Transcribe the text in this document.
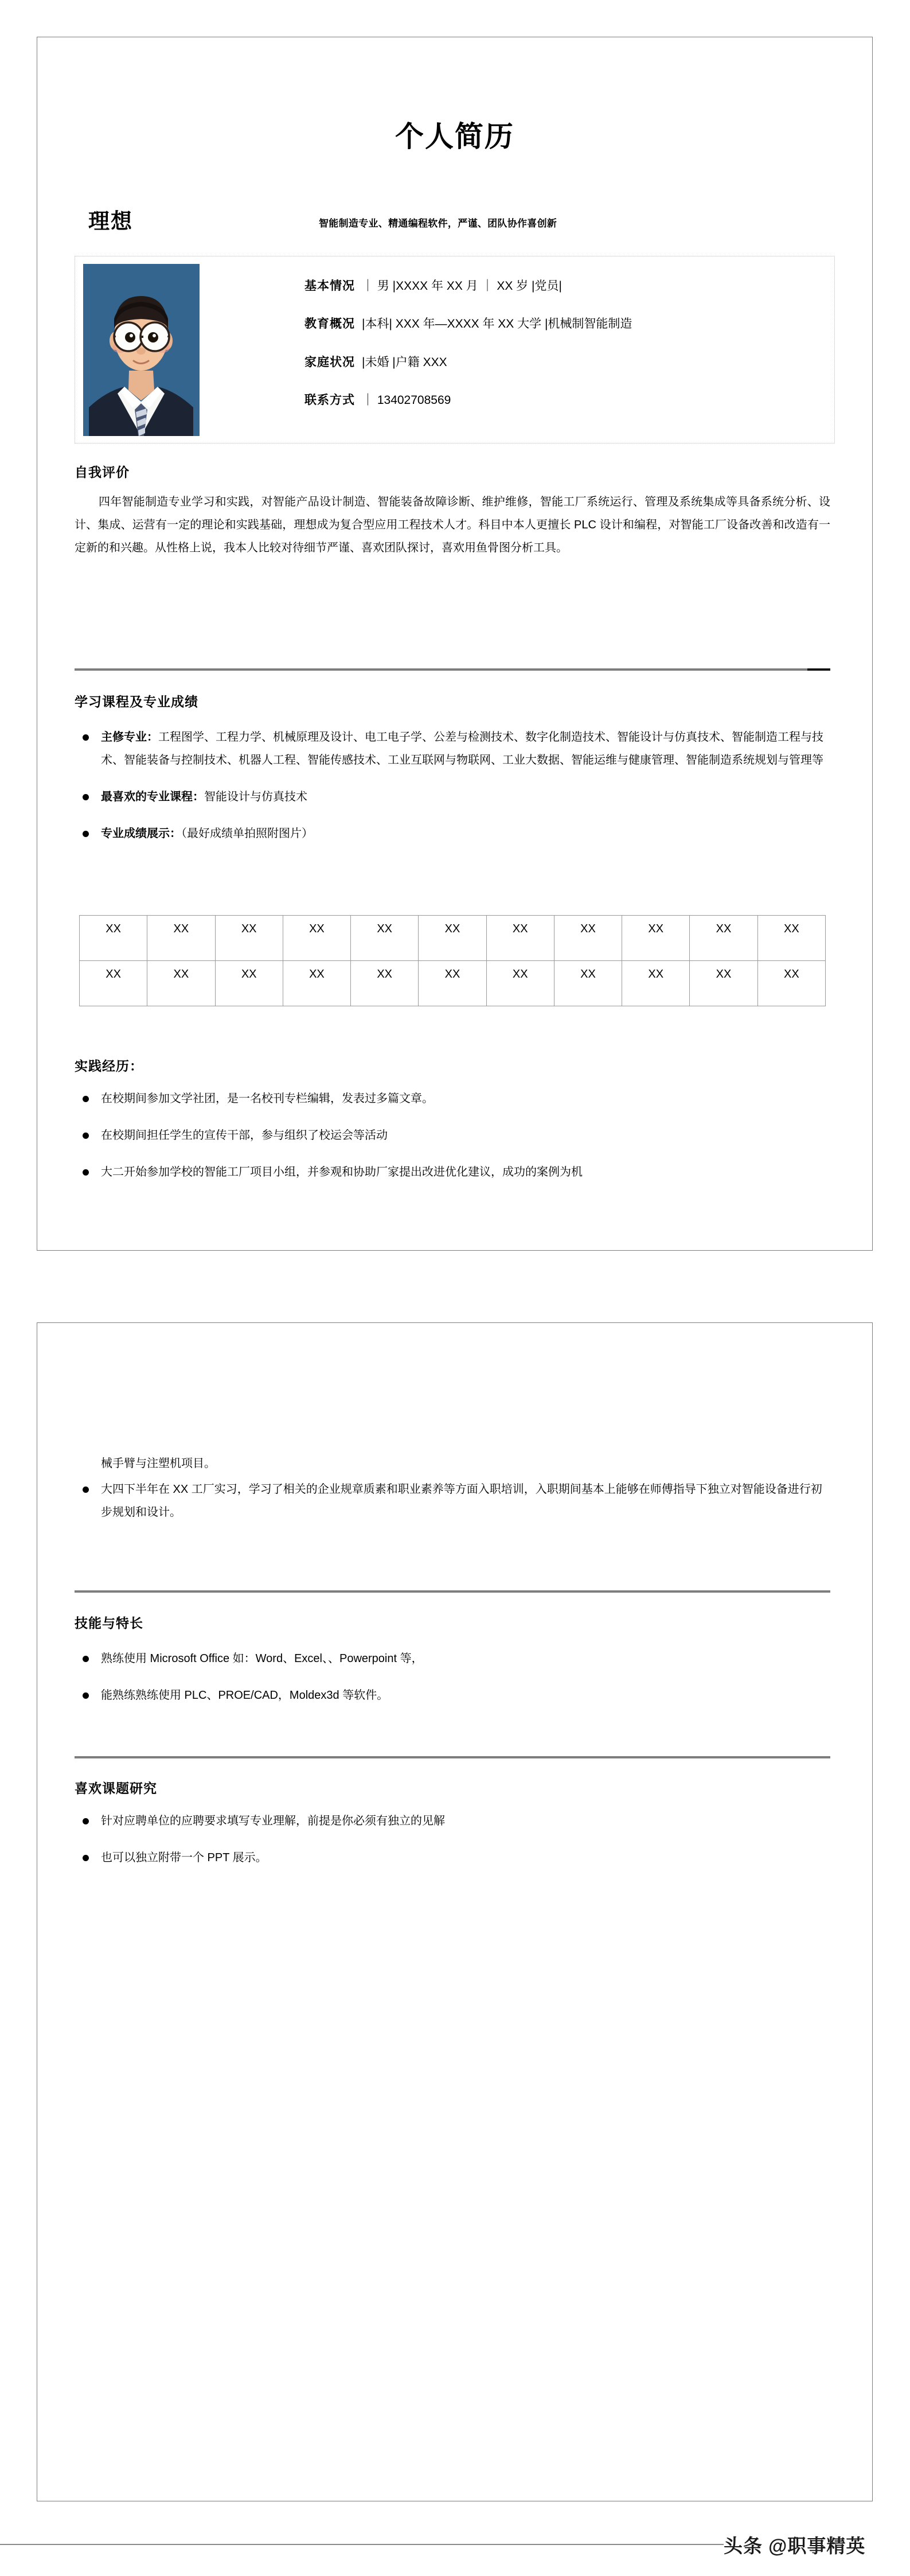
个人简历
理想	智能制造专业、精通编程软件，严谨、团队协作喜创新
基本情况 ｜ 男 |XXXX 年 XX 月 ｜ XX 岁 |党员|
教育概况 |本科| XXX 年—XXXX 年 XX 大学 |机械制智能制造
家庭状况 |未婚 |户籍 XXX
联系方式 ｜ 13402708569
自我评价
四年智能制造专业学习和实践，对智能产品设计制造、智能装备故障诊断、维护维修，智能工厂系统运行、管理及系统集成等具备系统分析、设计、集成、运营有一定的理论和实践基础，理想成为复合型应用工程技术人才。科目中本人更擅长 PLC 设计和编程，对智能工厂设备改善和改造有一定新的和兴趣。从性格上说，我本人比较对待细节严谨、喜欢团队探讨，喜欢用鱼骨图分析工具。
学习课程及专业成绩
主修专业：工程图学、工程力学、机械原理及设计、电工电子学、公差与检测技术、数字化制造技术、智能设计与仿真技术、智能制造工程与技术、智能装备与控制技术、机器人工程、智能传感技术、工业互联网与物联网、工业大数据、智能运维与健康管理、智能制造系统规划与管理等
最喜欢的专业课程：智能设计与仿真技术
专业成绩展示：（最好成绩单拍照附图片）
XX	XX	XX	XX	XX	XX	XX	XX	XX	XX	XX
XX	XX	XX	XX	XX	XX	XX	XX	XX	XX	XX
实践经历：
在校期间参加文学社团，是一名校刊专栏编辑，发表过多篇文章。
在校期间担任学生的宣传干部，参与组织了校运会等活动
大二开始参加学校的智能工厂项目小组，并参观和协助厂家提出改进优化建议，成功的案例为机
械手臂与注塑机项目。
大四下半年在 XX 工厂实习，学习了相关的企业规章质素和职业素养等方面入职培训，入职期间基本上能够在师傅指导下独立对智能设备进行初步规划和设计。
技能与特长
熟练使用 Microsoft Office 如：Word、Excel、、Powerpoint 等，
能熟练熟练使用 PLC、PROE/CAD，Moldex3d 等软件。
喜欢课题研究
针对应聘单位的应聘要求填写专业理解，前提是你必须有独立的见解
也可以独立附带一个 PPT 展示。
头条 @职事精英
